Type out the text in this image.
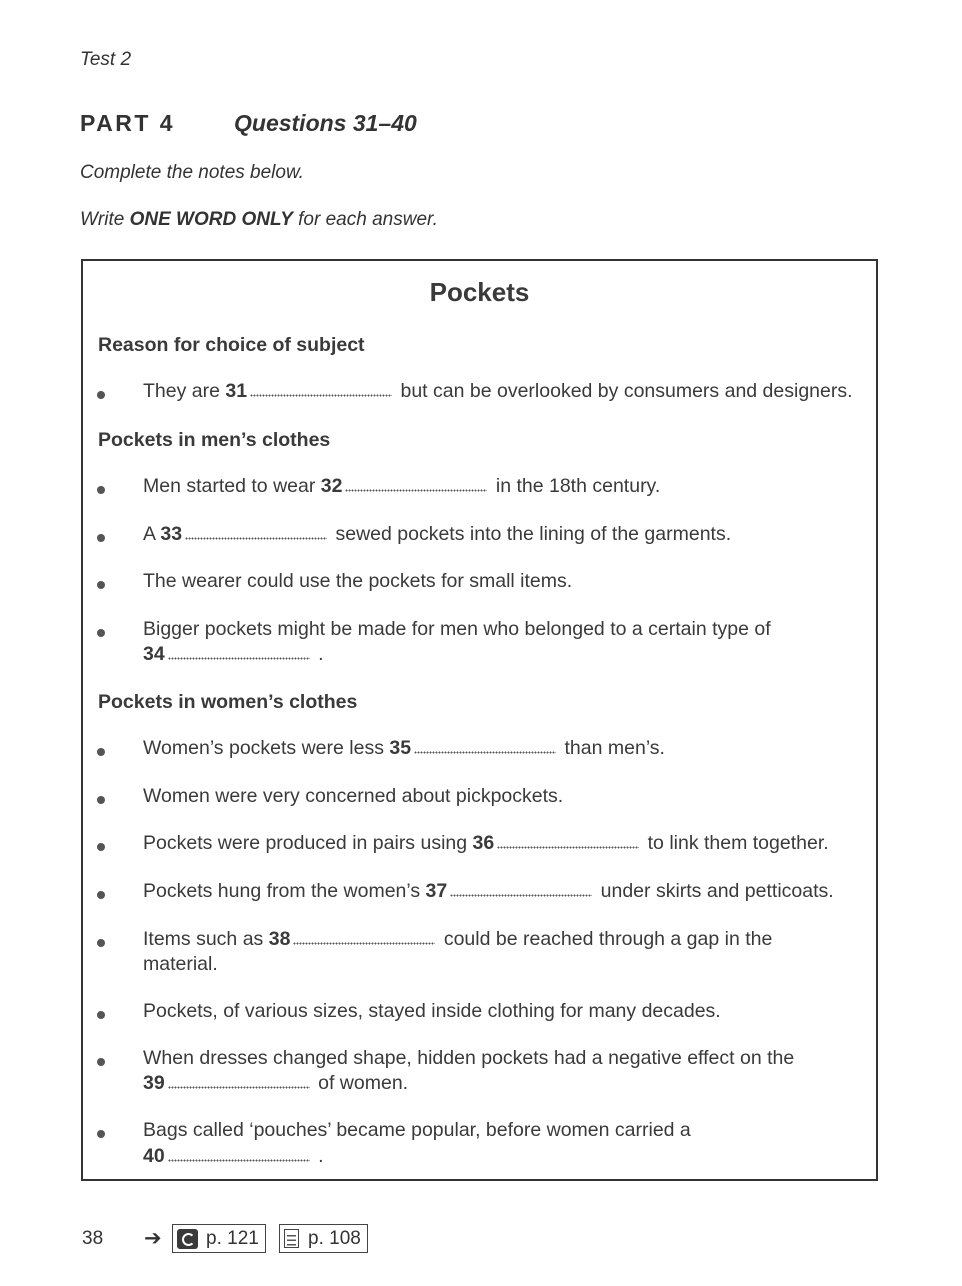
Test 2
PART 4	Questions 31–40
Complete the notes below.
Write ONE WORD ONLY for each answer.
Pockets
Reason for choice of subject
They are 31	but can be overlooked by consumers and designers.
Pockets in men’s clothes
Men started to wear 32	in the 18th century.
A 33	sewed pockets into the lining of the garments.
The wearer could use the pockets for small items.
Bigger pockets might be made for men who belonged to a certain type of
34	.
Pockets in women’s clothes
Women’s pockets were less 35	than men’s.
Women were very concerned about pickpockets.
Pockets were produced in pairs using 36	to link them together.
Pockets hung from the women’s 37	under skirts and petticoats.
Items such as 38	could be reached through a gap in the
material.
Pockets, of various sizes, stayed inside clothing for many decades.
When dresses changed shape, hidden pockets had a negative effect on the
39	of women.
Bags called ‘pouches’ became popular, before women carried a
40	.
38 ➔ p. 121	p. 108
